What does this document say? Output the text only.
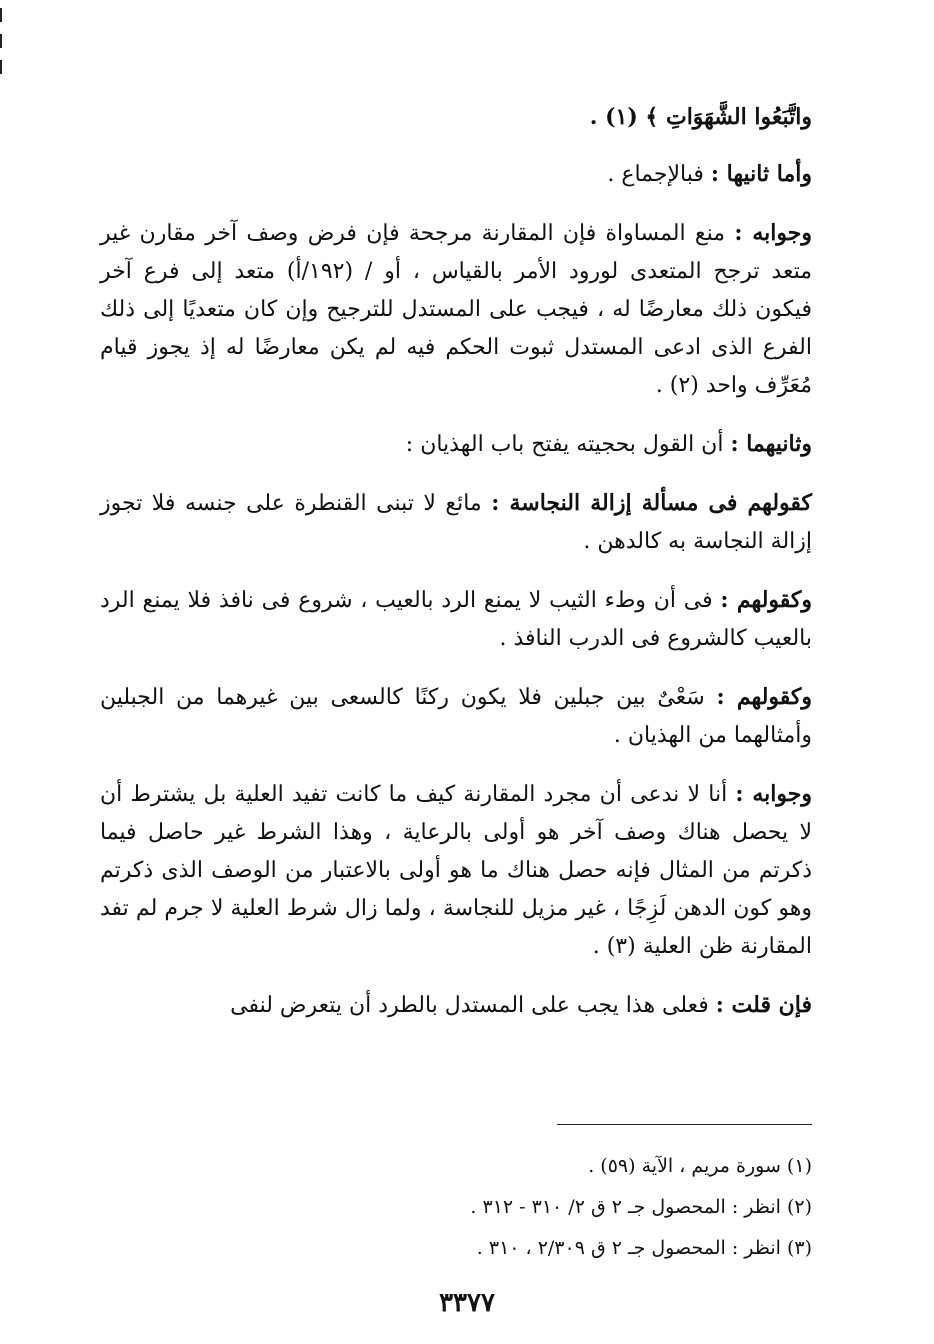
واتَّبَعُوا الشَّهَوَاتِ ﴾ (١) .

وأما ثانيها : فبالإجماع .

وجوابه : منع المساواة فإن المقارنة مرجحة فإن فرض وصف آخر مقارن غير متعد ترجح المتعدى لورود الأمر بالقياس ، أو / (١٩٢/أ) متعد إلى فرع آخر فيكون ذلك معارضًا له ، فيجب على المستدل للترجيح وإن كان متعديًا إلى ذلك الفرع الذى ادعى المستدل ثبوت الحكم فيه لم يكن معارضًا له إذ يجوز قيام مُعَرِّف واحد (٢) .

وثانيهما : أن القول بحجيته يفتح باب الهذيان :

كقولهم فى مسألة إزالة النجاسة : مائع لا تبنى القنطرة على جنسه فلا تجوز إزالة النجاسة به كالدهن .

وكقولهم : فى أن وطء الثيب لا يمنع الرد بالعيب ، شروع فى نافذ فلا يمنع الرد بالعيب كالشروع فى الدرب النافذ .

وكقولهم : سَعْىٌ بين جبلين فلا يكون ركنًا كالسعى بين غيرهما من الجبلين وأمثالهما من الهذيان .

وجوابه : أنا لا ندعى أن مجرد المقارنة كيف ما كانت تفيد العلية بل يشترط أن لا يحصل هناك وصف آخر هو أولى بالرعاية ، وهذا الشرط غير حاصل فيما ذكرتم من المثال فإنه حصل هناك ما هو أولى بالاعتبار من الوصف الذى ذكرتم وهو كون الدهن لَزِجًا ، غير مزيل للنجاسة ، ولما زال شرط العلية لا جرم لم تفد المقارنة ظن العلية (٣) .

فإن قلت : فعلى هذا يجب على المستدل بالطرد أن يتعرض لنفى

(١) سورة مريم ، الآية (٥٩) .
(٢) انظر : المحصول جـ ٢ ق ٢/ ٣١٠ - ٣١٢ .
(٣) انظر : المحصول جـ ٢ ق ٢/٣٠٩ ، ٣١٠ .
٣٣٧٧
